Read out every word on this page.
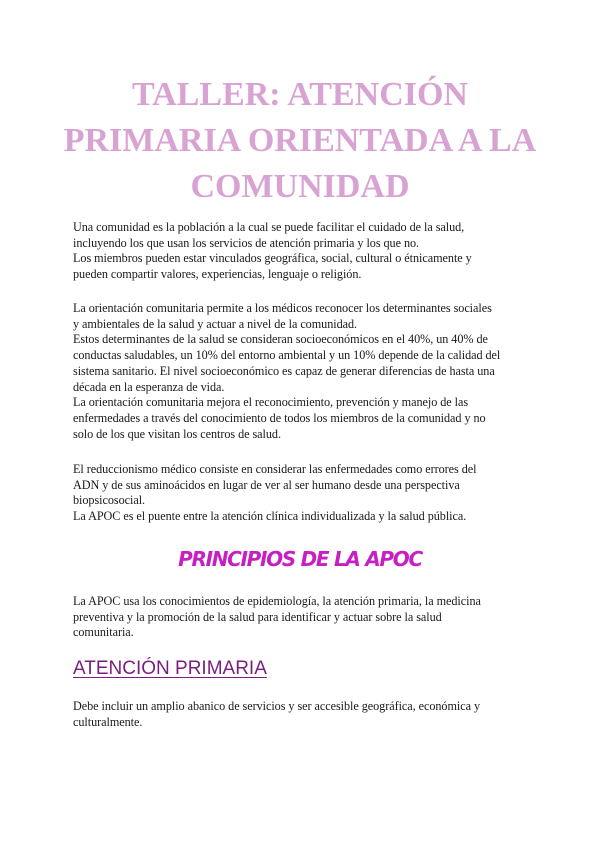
TALLER: ATENCIÓN
PRIMARIA ORIENTADA A LA
COMUNIDAD

Una comunidad es la población a la cual se puede facilitar el cuidado de la salud,

incluyendo los que usan los servicios de atención primaria y los que no.

Los miembros pueden estar vinculados geográfica, social, cultural o étnicamente y

pueden compartir valores, experiencias, lenguaje o religión.

La orientación comunitaria permite a los médicos reconocer los determinantes sociales

y ambientales de la salud y actuar a nivel de la comunidad.

Estos determinantes de la salud se consideran socioeconómicos en el 40%, un 40% de

conductas saludables, un 10% del entorno ambiental y un 10% depende de la calidad del

sistema sanitario. El nivel socioeconómico es capaz de generar diferencias de hasta una

década en la esperanza de vida.

La orientación comunitaria mejora el reconocimiento, prevención y manejo de las

enfermedades a través del conocimiento de todos los miembros de la comunidad y no

solo de los que visitan los centros de salud.

El reduccionismo médico consiste en considerar las enfermedades como errores del

ADN y de sus aminoácidos en lugar de ver al ser humano desde una perspectiva

biopsicosocial.

La APOC es el puente entre la atención clínica individualizada y la salud pública.

PRINCIPIOS DE LA APOC

La APOC usa los conocimientos de epidemiología, la atención primaria, la medicina

preventiva y la promoción de la salud para identificar y actuar sobre la salud

comunitaria.

ATENCIÓN PRIMARIA

Debe incluir un amplio abanico de servicios y ser accesible geográfica, económica y

culturalmente.
